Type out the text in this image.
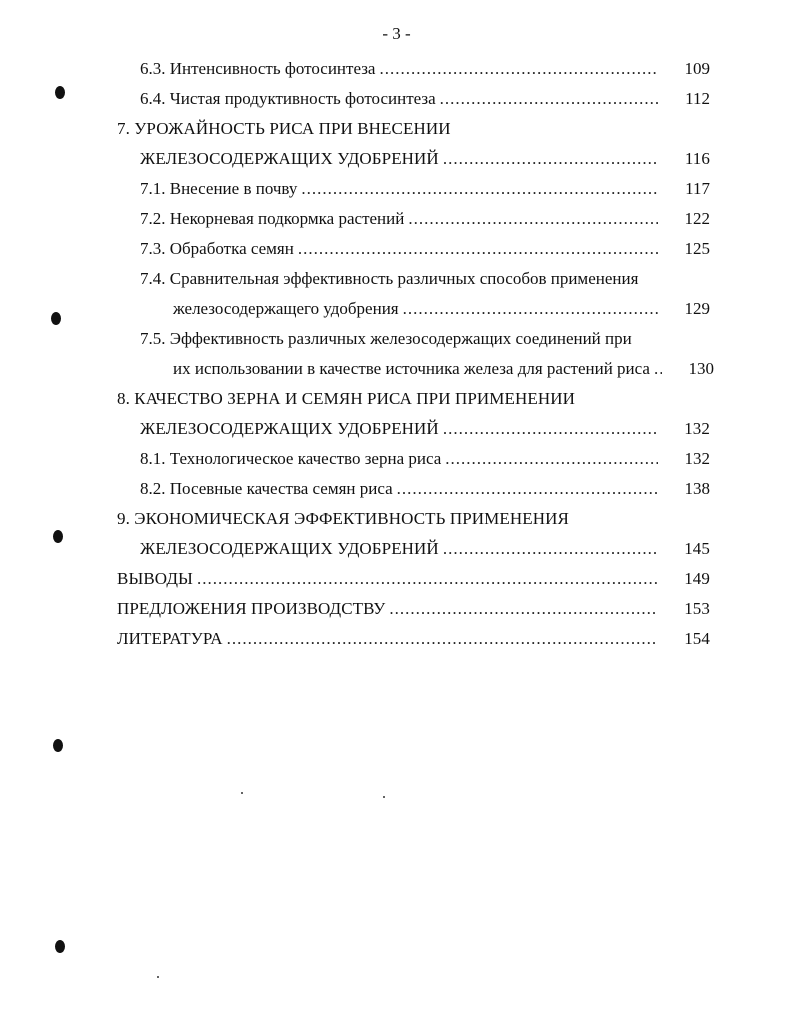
- 3 -
6.3. Интенсивность фотосинтеза .....	109
6.4. Чистая продуктивность фотосинтеза .....	112
7. УРОЖАЙНОСТЬ РИСА ПРИ ВНЕСЕНИИ
ЖЕЛЕЗОСОДЕРЖАЩИХ УДОБРЕНИЙ .....	116
7.1. Внесение в почву .....	117
7.2. Некорневая подкормка растений .....	122
7.3. Обработка семян .....	125
7.4. Сравнительная эффективность различных способов применения
железосодержащего удобрения .....	129
7.5. Эффективность различных железосодержащих соединений при
их использовании в качестве источника железа для растений риса .....	130
8. КАЧЕСТВО ЗЕРНА И СЕМЯН РИСА ПРИ ПРИМЕНЕНИИ
ЖЕЛЕЗОСОДЕРЖАЩИХ УДОБРЕНИЙ .....	132
8.1. Технологическое качество зерна риса .....	132
8.2. Посевные качества семян риса .....	138
9. ЭКОНОМИЧЕСКАЯ ЭФФЕКТИВНОСТЬ ПРИМЕНЕНИЯ
ЖЕЛЕЗОСОДЕРЖАЩИХ УДОБРЕНИЙ .....	145
ВЫВОДЫ .....	149
ПРЕДЛОЖЕНИЯ ПРОИЗВОДСТВУ .....	153
ЛИТЕРАТУРА .....	154
